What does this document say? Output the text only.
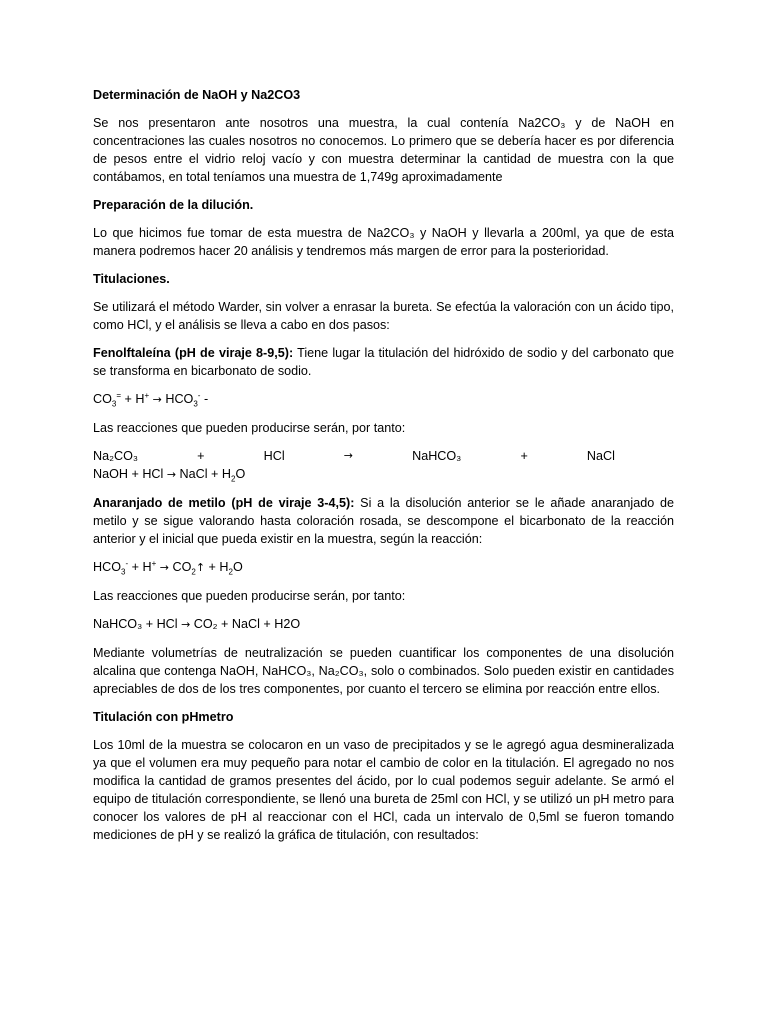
Determinación de NaOH y Na2CO3

Se nos presentaron ante nosotros una muestra, la cual contenía Na2CO₃ y de NaOH en concentraciones las cuales nosotros no conocemos. Lo primero que se debería hacer es por diferencia de pesos entre el vidrio reloj vacío y con muestra determinar la cantidad de muestra con la que contábamos, en total teníamos una muestra de 1,749g aproximadamente

Preparación de la dilución.

Lo que hicimos fue tomar de esta muestra de Na2CO₃ y NaOH y llevarla a 200ml, ya que de esta manera podremos hacer 20 análisis y tendremos más margen de error para la posterioridad.

Titulaciones.

Se utilizará el método Warder, sin volver a enrasar la bureta. Se efectúa la valoración con un ácido tipo, como HCl, y el análisis se lleva a cabo en dos pasos:

Fenolftaleína (pH de viraje 8-9,5): Tiene lugar la titulación del hidróxido de sodio y del carbonato que se transforma en bicarbonato de sodio.

$CO_3^= + H^+ \to HCO_3^-$ -

Las reacciones que pueden producirse serán, por tanto:

Na₂CO₃	+	HCl	→	NaHCO₃	+	NaCl
NaOH + HCl → NaCl + $H_2O$

Anaranjado de metilo (pH de viraje 3-4,5): Si a la disolución anterior se le añade anaranjado de metilo y se sigue valorando hasta coloración rosada, se descompone el bicarbonato de la reacción anterior y el inicial que pueda existir en la muestra, según la reacción:

$HCO_3^- + H^+$ → $CO_2↑ + H_2O$

Las reacciones que pueden producirse serán, por tanto:

NaHCO₃ + HCl → CO₂ + NaCl + H2O

Mediante volumetrías de neutralización se pueden cuantificar los componentes de una disolución alcalina que contenga NaOH, NaHCO₃, Na₂CO₃, solo o combinados. Solo pueden existir en cantidades apreciables de dos de los tres componentes, por cuanto el tercero se elimina por reacción entre ellos.

Titulación con pHmetro

Los 10ml de la muestra se colocaron en un vaso de precipitados y se le agregó agua desmineralizada ya que el volumen era muy pequeño para notar el cambio de color en la titulación. El agregado no nos modifica la cantidad de gramos presentes del ácido, por lo cual podemos seguir adelante. Se armó el equipo de titulación correspondiente, se llenó una bureta de 25ml con HCl, y se utilizó un pH metro para conocer los valores de pH al reaccionar con el HCl, cada un intervalo de 0,5ml se fueron tomando mediciones de pH y se realizó la gráfica de titulación, con resultados:
